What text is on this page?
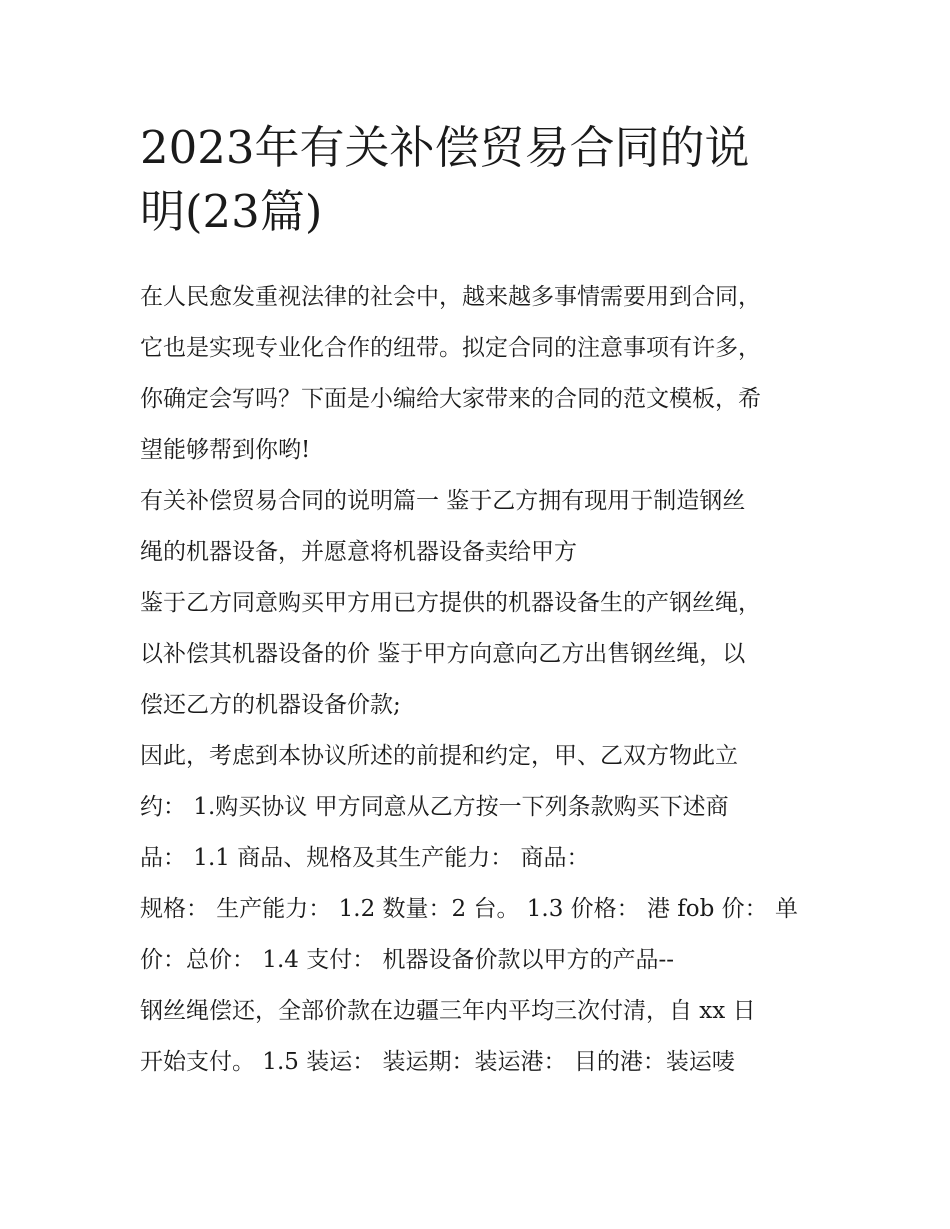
2023年有关补偿贸易合同的说
明(23篇)
在人民愈发重视法律的社会中，越来越多事情需要用到合同，
它也是实现专业化合作的纽带。拟定合同的注意事项有许多，
你确定会写吗？下面是小编给大家带来的合同的范文模板，希
望能够帮到你哟!
有关补偿贸易合同的说明篇一 鉴于乙方拥有现用于制造钢丝
绳的机器设备，并愿意将机器设备卖给甲方
鉴于乙方同意购买甲方用已方提供的机器设备生的产钢丝绳，
以补偿其机器设备的价 鉴于甲方向意向乙方出售钢丝绳，以
偿还乙方的机器设备价款;
因此，考虑到本协议所述的前提和约定，甲、乙双方物此立
约： 1.购买协议 甲方同意从乙方按一下列条款购买下述商
品： 1.1 商品、规格及其生产能力： 商品：
规格： 生产能力： 1.2 数量：2 台。 1.3 价格： 港 fob 价： 单
价：总价： 1.4 支付： 机器设备价款以甲方的产品--
钢丝绳偿还，全部价款在边疆三年内平均三次付清，自 xx 日
开始支付。 1.5 装运： 装运期：装运港： 目的港：装运唛
